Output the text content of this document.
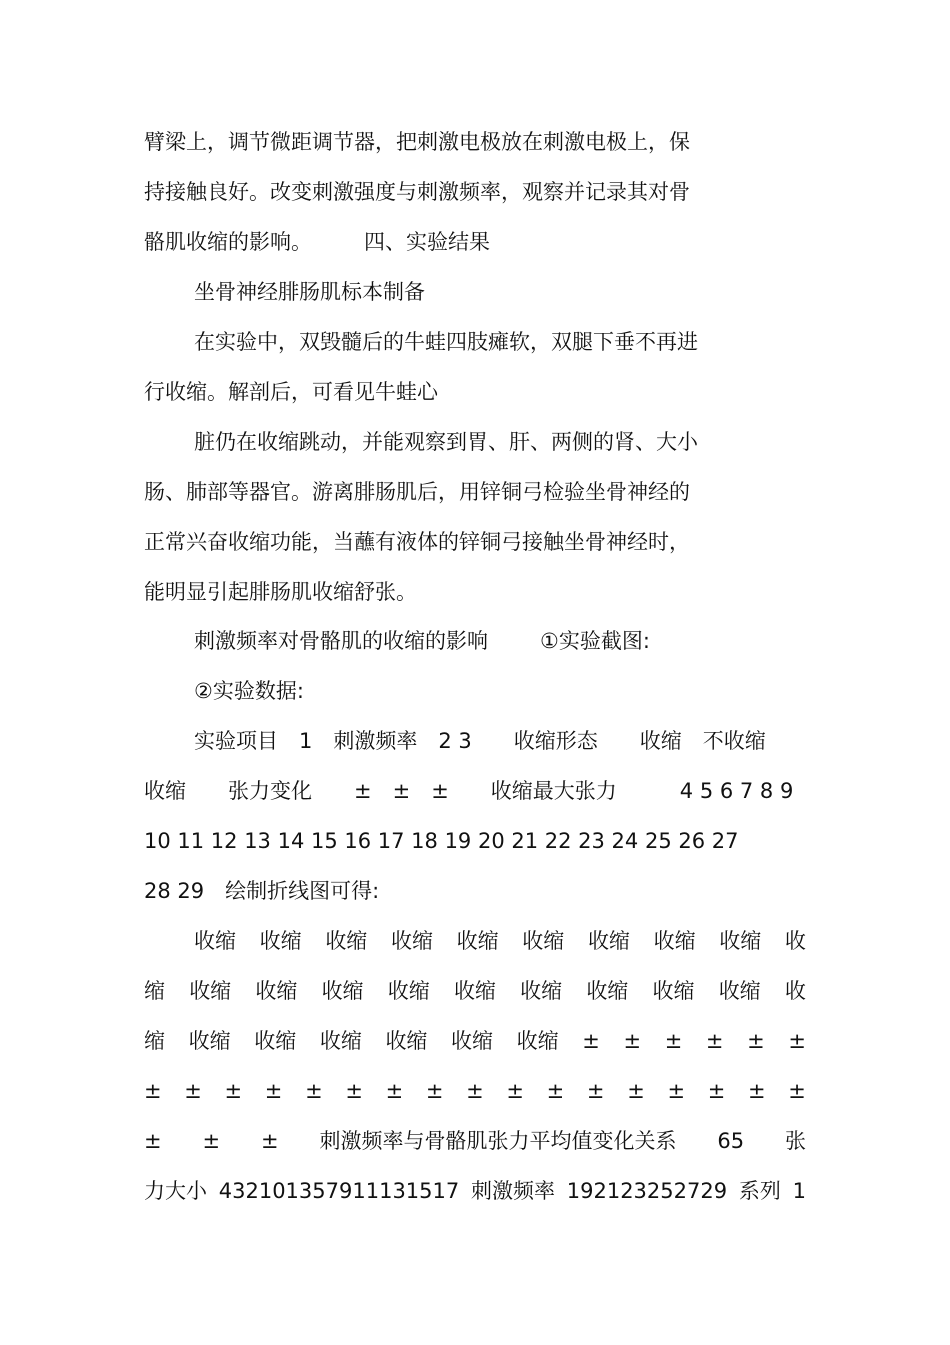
臂梁上，调节微距调节器，把刺激电极放在刺激电极上，保
持接触良好。改变刺激强度与刺激频率，观察并记录其对骨
骼肌收缩的影响。 四、实验结果
坐骨神经腓肠肌标本制备
在实验中，双毁髓后的牛蛙四肢瘫软，双腿下垂不再进
行收缩。解剖后，可看见牛蛙心
脏仍在收缩跳动，并能观察到胃、肝、两侧的肾、大小
肠、肺部等器官。游离腓肠肌后，用锌铜弓检验坐骨神经的
正常兴奋收缩功能，当蘸有液体的锌铜弓接触坐骨神经时，
能明显引起腓肠肌收缩舒张。
刺激频率对骨骼肌的收缩的影响 ①实验截图:
②实验数据:
实验项目　1　刺激频率　2 3　　收缩形态　　收缩　不收缩
收缩　　张力变化　　±　±　±　　收缩最大张力　　　4 5 6 7 8 9
10 11 12 13 14 15 16 17 18 19 20 21 22 23 24 25 26 27
28 29　绘制折线图可得:
收缩 收缩 收缩 收缩 收缩 收缩 收缩 收缩 收缩 收
缩 收缩 收缩 收缩 收缩 收缩 收缩 收缩 收缩 收缩 收
缩 收缩 收缩 收缩 收缩 收缩 收缩 ± ± ± ± ± ±
± ± ± ± ± ± ± ± ± ± ± ± ± ± ± ± ±
± ± ± 刺激频率与骨骼肌张力平均值变化关系 65 张
力大小 432101357911131517 刺激频率 192123252729 系列 1
